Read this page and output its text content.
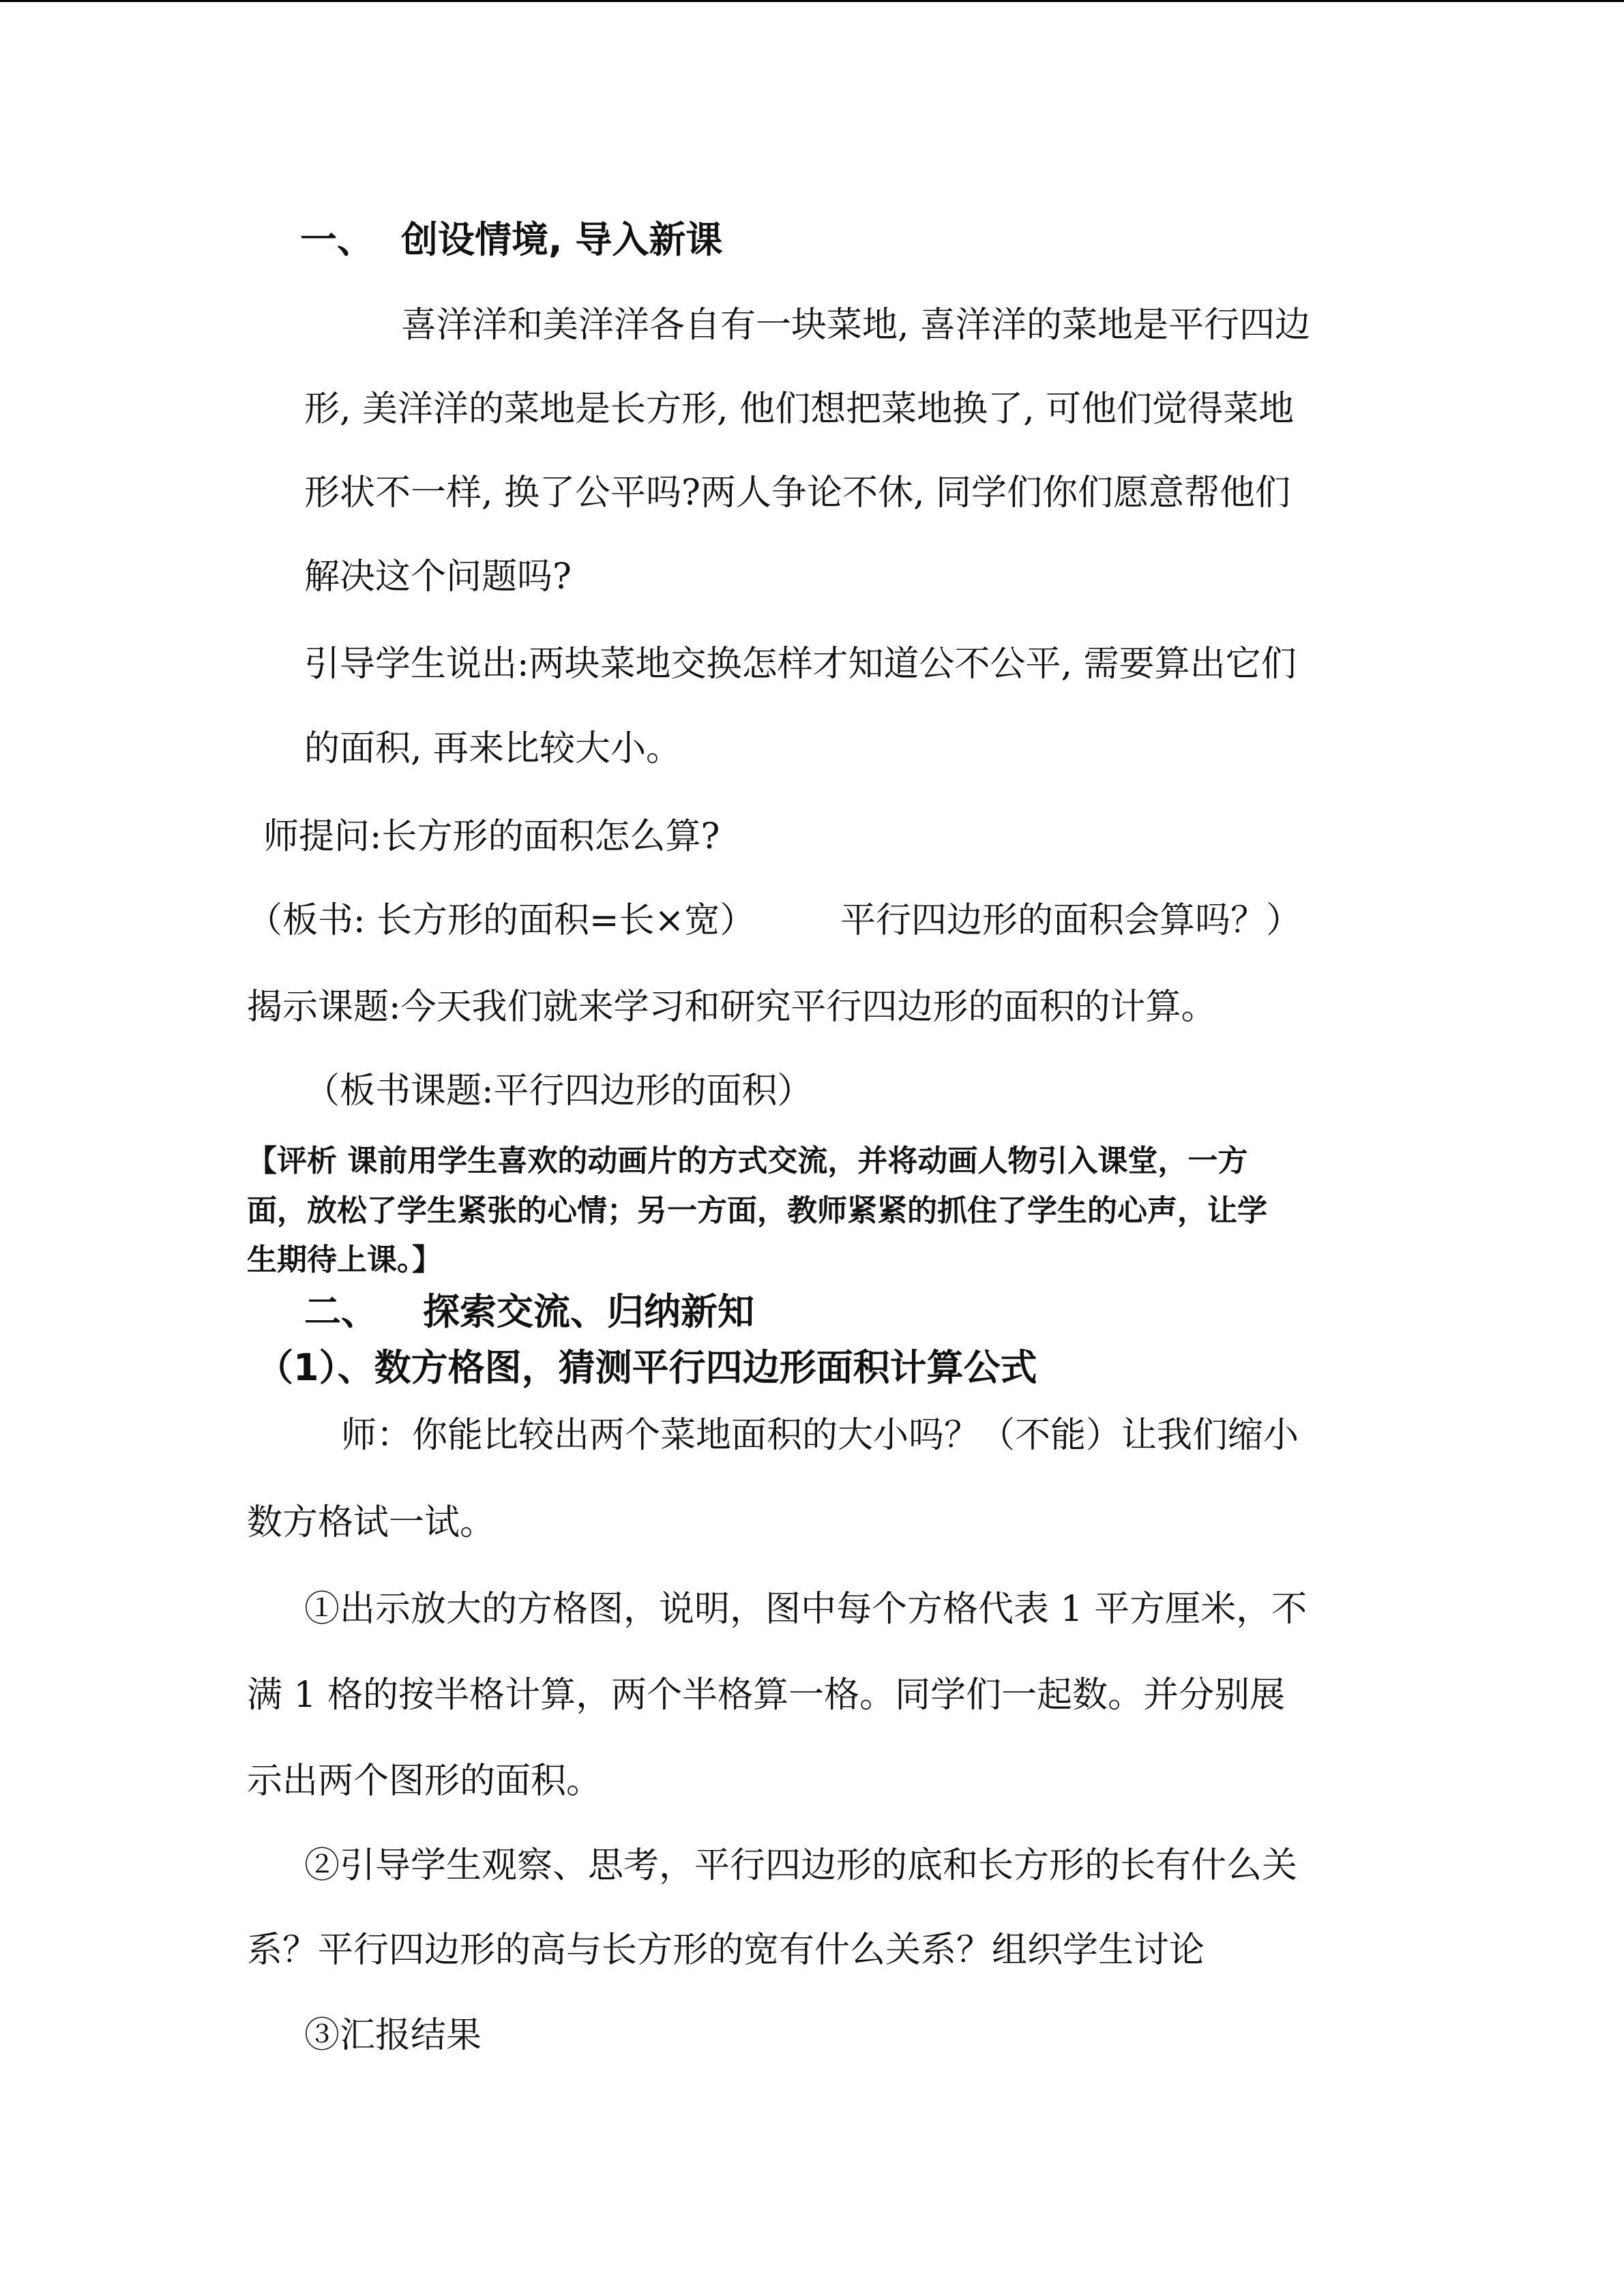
一、 创设情境, 导入新课
喜洋洋和美洋洋各自有一块菜地, 喜洋洋的菜地是平行四边
形, 美洋洋的菜地是长方形, 他们想把菜地换了, 可他们觉得菜地
形状不一样, 换了公平吗?两人争论不休, 同学们你们愿意帮他们
解决这个问题吗?
引导学生说出:两块菜地交换怎样才知道公不公平, 需要算出它们
的面积, 再来比较大小。
师提问:长方形的面积怎么算?
（板书: 长方形的面积=长×宽） 平行四边形的面积会算吗？）
揭示课题:今天我们就来学习和研究平行四边形的面积的计算。
（板书课题:平行四边形的面积）
【评析 课前用学生喜欢的动画片的方式交流，并将动画人物引入课堂，一方
面，放松了学生紧张的心情；另一方面，教师紧紧的抓住了学生的心声，让学
生期待上课。】
二、 探索交流、归纳新知
（1）、数方格图，猜测平行四边形面积计算公式
师：你能比较出两个菜地面积的大小吗？（不能）让我们缩小
数方格试一试。
①出示放大的方格图，说明，图中每个方格代表 1 平方厘米，不
满 1 格的按半格计算，两个半格算一格。同学们一起数。并分别展
示出两个图形的面积。
②引导学生观察、思考，平行四边形的底和长方形的长有什么关
系？平行四边形的高与长方形的宽有什么关系？组织学生讨论
③汇报结果
